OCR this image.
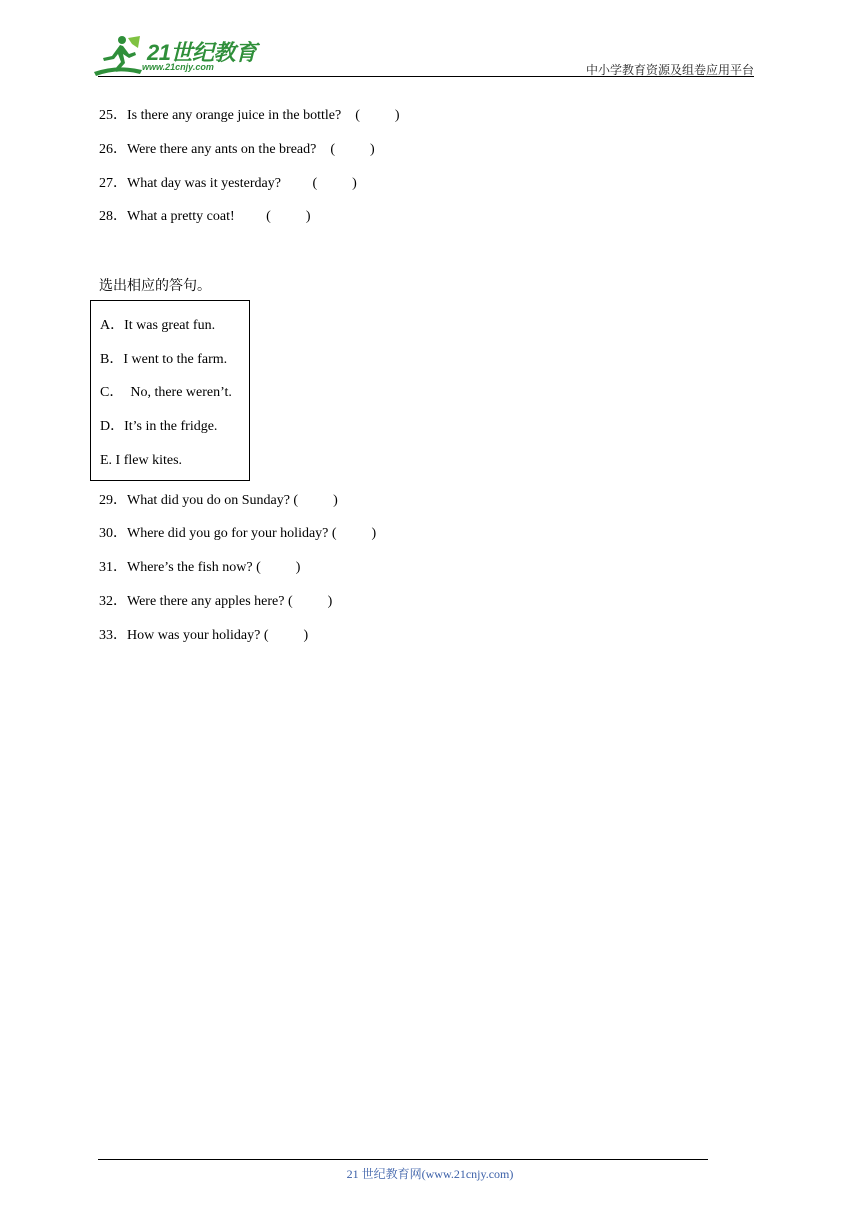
21世纪教育
www.21cnjy.com	中小学教育资源及组卷应用平台
25．Is there any orange juice in the bottle?    (          )
26．Were there any ants on the bread?    (          )
27．What day was it yesterday?         (          )
28．What a pretty coat!         (          )
选出相应的答句。
A．It was great fun.
B．I went to the farm.
C．  No, there weren’t.
D．It’s in the fridge.
E. I flew kites.
29．What did you do on Sunday? (          )
30．Where did you go for your holiday? (          )
31．Where’s the fish now? (          )
32．Were there any apples here? (          )
33．How was your holiday? (          )
21 世纪教育网(www.21cnjy.com)
